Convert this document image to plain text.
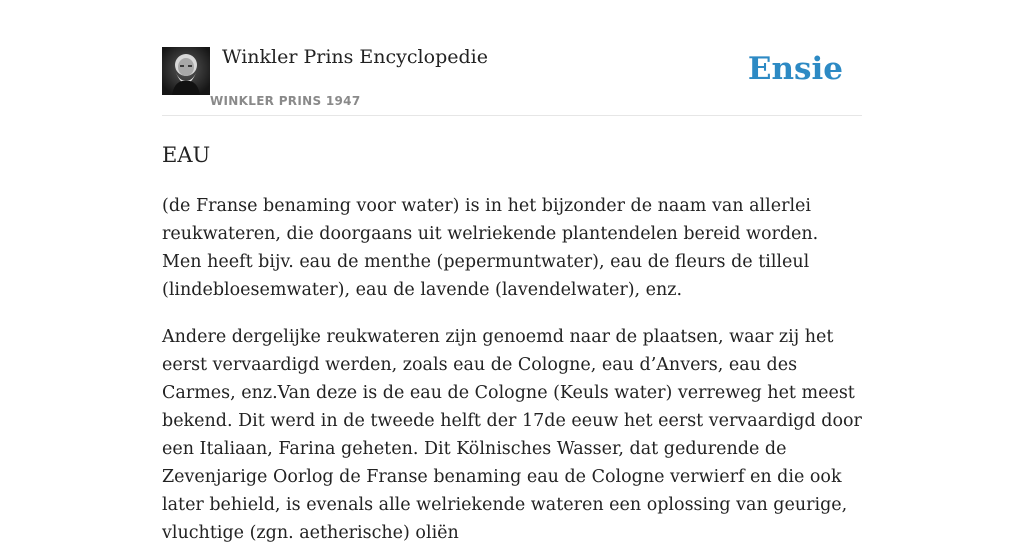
Winkler Prins Encyclopedie
WINKLER PRINS 1947
Ensie
EAU

(de Franse benaming voor water) is in het bijzonder de naam van allerlei reukwateren, die doorgaans uit welriekende plantendelen bereid worden. Men heeft bijv. eau de menthe (pepermuntwater), eau de fleurs de tilleul (lindebloesemwater), eau de lavende (lavendelwater), enz.

Andere dergelijke reukwateren zijn genoemd naar de plaatsen, waar zij het eerst vervaardigd werden, zoals eau de Cologne, eau d’Anvers, eau des Carmes, enz.Van deze is de eau de Cologne (Keuls water) verreweg het meest bekend. Dit werd in de tweede helft der 17de eeuw het eerst vervaardigd door een Italiaan, Farina geheten. Dit Kölnisches Wasser, dat gedurende de Zevenjarige Oorlog de Franse benaming eau de Cologne verwierf en die ook later behield, is evenals alle welriekende wateren een oplossing van geurige, vluchtige (zgn. aetherische) oliën
